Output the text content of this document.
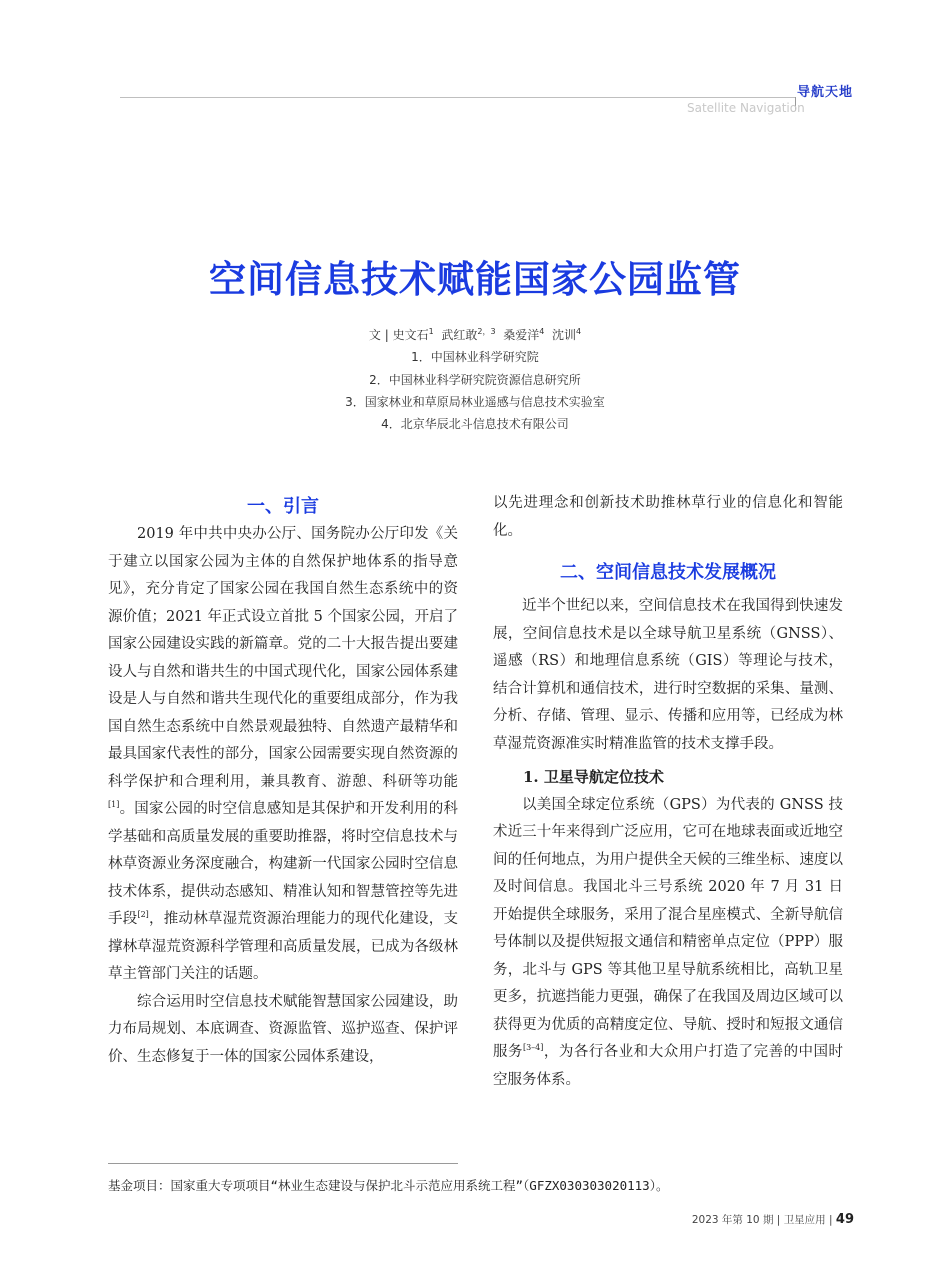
导航天地
Satellite Navigation
空间信息技术赋能国家公园监管
文 | 史文石$^1$ 武红敢$^{2,3}$ 桑爱洋$^4$ 沈训$^4$
1．中国林业科学研究院
2．中国林业科学研究院资源信息研究所
3．国家林业和草原局林业遥感与信息技术实验室
4．北京华辰北斗信息技术有限公司
一、引言

2019 年中共中央办公厅、国务院办公厅印发《关于建立以国家公园为主体的自然保护地体系的指导意见》，充分肯定了国家公园在我国自然生态系统中的资源价值；2021 年正式设立首批 5 个国家公园，开启了国家公园建设实践的新篇章。党的二十大报告提出要建设人与自然和谐共生的中国式现代化，国家公园体系建设是人与自然和谐共生现代化的重要组成部分，作为我国自然生态系统中自然景观最独特、自然遗产最精华和最具国家代表性的部分，国家公园需要实现自然资源的科学保护和合理利用，兼具教育、游憩、科研等功能[1]。国家公园的时空信息感知是其保护和开发利用的科学基础和高质量发展的重要助推器，将时空信息技术与林草资源业务深度融合，构建新一代国家公园时空信息技术体系，提供动态感知、精准认知和智慧管控等先进手段[2]，推动林草湿荒资源治理能力的现代化建设，支撑林草湿荒资源科学管理和高质量发展，已成为各级林草主管部门关注的话题。

综合运用时空信息技术赋能智慧国家公园建设，助力布局规划、本底调查、资源监管、巡护巡查、保护评价、生态修复于一体的国家公园体系建设，

以先进理念和创新技术助推林草行业的信息化和智能化。

二、空间信息技术发展概况

近半个世纪以来，空间信息技术在我国得到快速发展，空间信息技术是以全球导航卫星系统（GNSS）、遥感（RS）和地理信息系统（GIS）等理论与技术，结合计算机和通信技术，进行时空数据的采集、量测、分析、存储、管理、显示、传播和应用等，已经成为林草湿荒资源准实时精准监管的技术支撑手段。

1. 卫星导航定位技术

以美国全球定位系统（GPS）为代表的 GNSS 技术近三十年来得到广泛应用，它可在地球表面或近地空间的任何地点，为用户提供全天候的三维坐标、速度以及时间信息。我国北斗三号系统 2020 年 7 月 31 日开始提供全球服务，采用了混合星座模式、全新导航信号体制以及提供短报文通信和精密单点定位（PPP）服务，北斗与 GPS 等其他卫星导航系统相比，高轨卫星更多，抗遮挡能力更强，确保了在我国及周边区域可以获得更为优质的高精度定位、导航、授时和短报文通信服务[3–4]，为各行各业和大众用户打造了完善的中国时空服务体系。

基金项目：国家重大专项项目“林业生态建设与保护北斗示范应用系统工程”（GFZX030303020113）。
2023 年第 10 期 | 卫星应用 | 49
